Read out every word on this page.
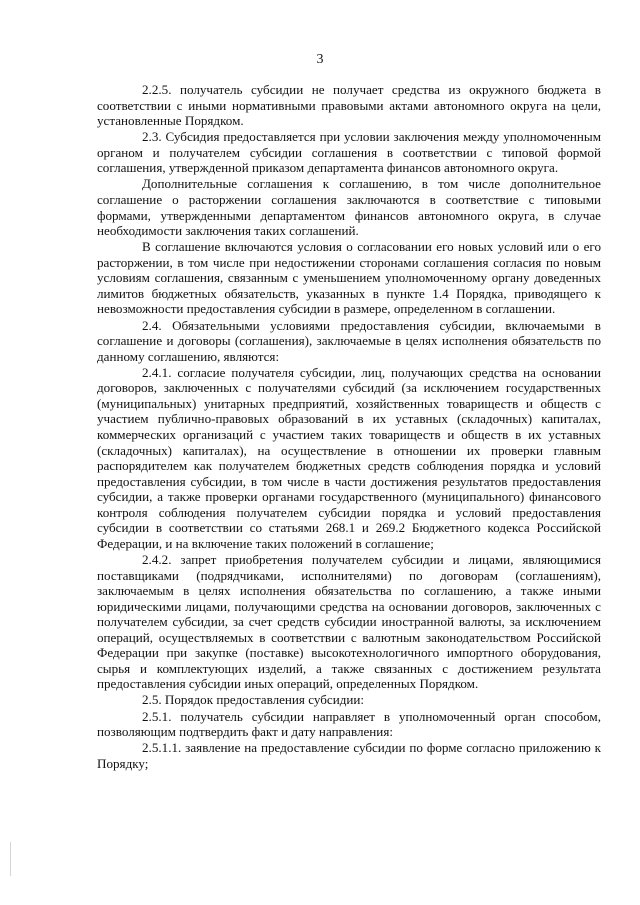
3

2.2.5. получатель субсидии не получает средства из окружного бюджета в соответствии с иными нормативными правовыми актами автономного округа на цели, установленные Порядком.

2.3. Субсидия предоставляется при условии заключения между уполномоченным органом и получателем субсидии соглашения в соответствии с типовой формой соглашения, утвержденной приказом департамента финансов автономного округа.

Дополнительные соглашения к соглашению, в том числе дополнительное соглашение о расторжении соглашения заключаются в соответствие с типовыми формами, утвержденными департаментом финансов автономного округа, в случае необходимости заключения таких соглашений.

В соглашение включаются условия о согласовании его новых условий или о его расторжении, в том числе при недостижении сторонами соглашения согласия по новым условиям соглашения, связанным с уменьшением уполномоченному органу доведенных лимитов бюджетных обязательств, указанных в пункте 1.4 Порядка, приводящего к невозможности предоставления субсидии в размере, определенном в соглашении.

2.4. Обязательными условиями предоставления субсидии, включаемыми в соглашение и договоры (соглашения), заключаемые в целях исполнения обязательств по данному соглашению, являются:

2.4.1. согласие получателя субсидии, лиц, получающих средства на основании договоров, заключенных с получателями субсидий (за исключением государственных (муниципальных) унитарных предприятий, хозяйственных товариществ и обществ с участием публично-правовых образований в их уставных (складочных) капиталах, коммерческих организаций с участием таких товариществ и обществ в их уставных (складочных) капиталах), на осуществление в отношении их проверки главным распорядителем как получателем бюджетных средств соблюдения порядка и условий предоставления субсидии, в том числе в части достижения результатов предоставления субсидии, а также проверки органами государственного (муниципального) финансового контроля соблюдения получателем субсидии порядка и условий предоставления субсидии в соответствии со статьями 268.1 и 269.2 Бюджетного кодекса Российской Федерации, и на включение таких положений в соглашение;

2.4.2. запрет приобретения получателем субсидии и лицами, являющимися поставщиками (подрядчиками, исполнителями) по договорам (соглашениям), заключаемым в целях исполнения обязательства по соглашению, а также иными юридическими лицами, получающими средства на основании договоров, заключенных с получателем субсидии, за счет средств субсидии иностранной валюты, за исключением операций, осуществляемых в соответствии с валютным законодательством Российской Федерации при закупке (поставке) высокотехнологичного импортного оборудования, сырья и комплектующих изделий, а также связанных с достижением результата предоставления субсидии иных операций, определенных Порядком.

2.5. Порядок предоставления субсидии:

2.5.1. получатель субсидии направляет в уполномоченный орган способом, позволяющим подтвердить факт и дату направления:

2.5.1.1. заявление на предоставление субсидии по форме согласно приложению к Порядку;
